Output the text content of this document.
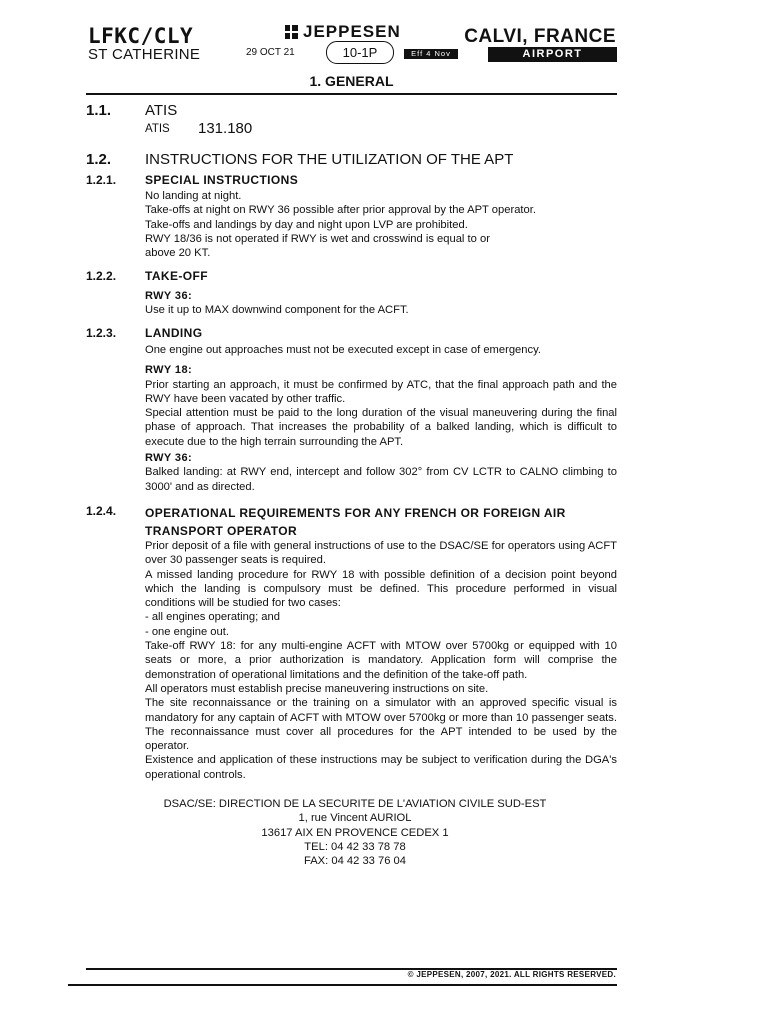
LFKC/CLY
ST CATHERINE
JEPPESEN
29 OCT 21	10-1P	Eff 4 Nov
CALVI, FRANCE
AIRPORT BRIEFING
1. GENERAL
1.1. ATIS
ATIS 131.180
1.2. INSTRUCTIONS FOR THE UTILIZATION OF THE APT
1.2.1. SPECIAL INSTRUCTIONS

No landing at night.

Take-offs at night on RWY 36 possible after prior approval by the APT operator.

Take-offs and landings by day and night upon LVP are prohibited.

RWY 18/36 is not operated if RWY is wet and crosswind is equal to or

above 20 KT.

1.2.2. TAKE-OFF

RWY 36:

Use it up to MAX downwind component for the ACFT.

1.2.3. LANDING

One engine out approaches must not be executed except in case of emergency.

RWY 18:

Prior starting an approach, it must be confirmed by ATC, that the final approach path and the RWY have been vacated by other traffic.

Special attention must be paid to the long duration of the visual maneuvering during the final phase of approach. That increases the probability of a balked landing, which is difficult to execute due to the high terrain surrounding the APT.

RWY 36:

Balked landing: at RWY end, intercept and follow 302° from CV LCTR to CALNO climbing to 3000' and as directed.

1.2.4. OPERATIONAL REQUIREMENTS FOR ANY FRENCH OR FOREIGN AIR TRANSPORT OPERATOR

Prior deposit of a file with general instructions of use to the DSAC/SE for operators using ACFT over 30 passenger seats is required.

A missed landing procedure for RWY 18 with possible definition of a decision point beyond which the landing is compulsory must be defined. This procedure performed in visual conditions will be studied for two cases:

- all engines operating; and

- one engine out.

Take-off RWY 18: for any multi-engine ACFT with MTOW over 5700kg or equipped with 10 seats or more, a prior authorization is mandatory. Application form will comprise the demonstration of operational limitations and the definition of the take-off path.

All operators must establish precise maneuvering instructions on site.

The site reconnaissance or the training on a simulator with an approved specific visual is mandatory for any captain of ACFT with MTOW over 5700kg or more than 10 passenger seats. The reconnaissance must cover all procedures for the APT intended to be used by the operator.

Existence and application of these instructions may be subject to verification during the DGA's operational controls.

DSAC/SE: DIRECTION DE LA SECURITE DE L'AVIATION CIVILE SUD-EST
1, rue Vincent AURIOL
13617 AIX EN PROVENCE CEDEX 1
TEL: 04 42 33 78 78
FAX: 04 42 33 76 04
© JEPPESEN, 2007, 2021. ALL RIGHTS RESERVED.
